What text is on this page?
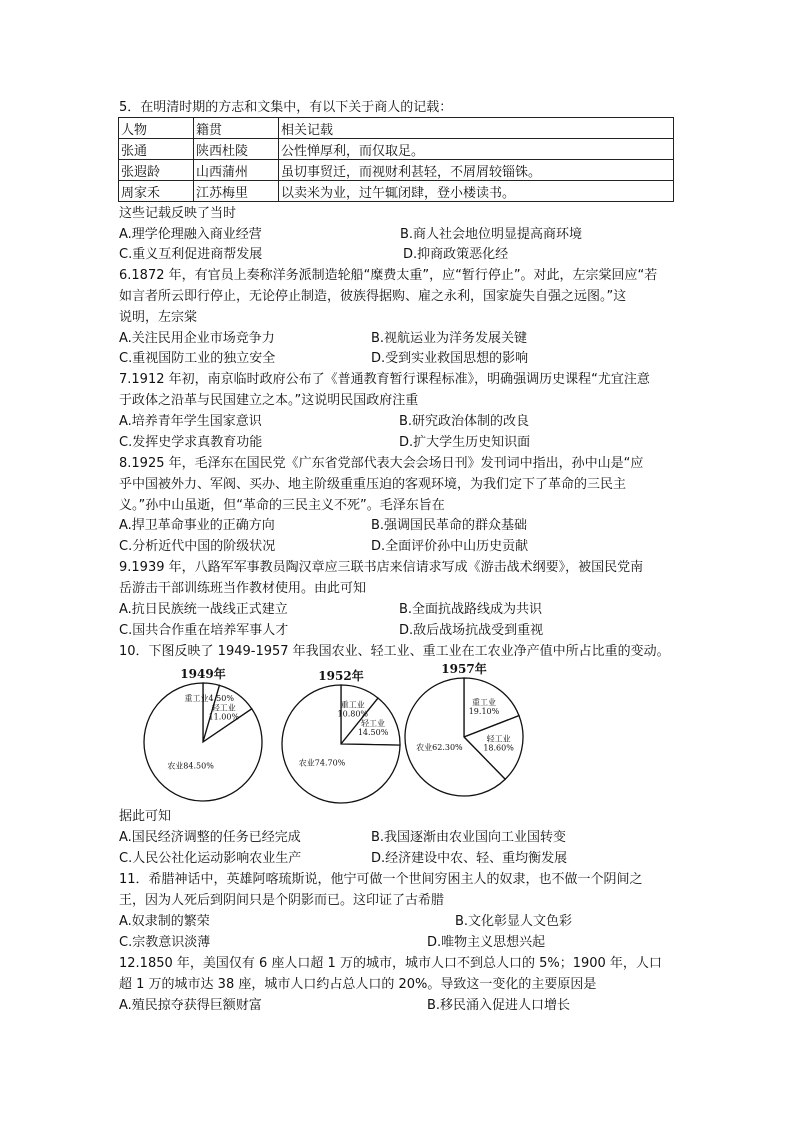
5．在明清时期的方志和文集中，有以下关于商人的记载：
人物	籍贯	相关记载
张通	陕西杜陵	公性惮厚利，而仅取足。
张遐龄	山西蒲州	虽切事贸迁，而视财利甚轻，不屑屑较锱铢。
周家禾	江苏梅里	以卖米为业，过午辄闭肆，登小楼读书。
这些记载反映了当时
A.理学伦理融入商业经营	B.商人社会地位明显提高商环境
C.重义互利促进商帮发展	D.抑商政策恶化经
6.1872 年，有官员上奏称洋务派制造轮船“糜费太重”，应“暂行停止”。对此，左宗棠回应“若
如言者所云即行停止，无论停止制造，彼族得据购、雇之永利，国家旋失自强之远图。”这
说明，左宗棠
A.关注民用企业市场竞争力	B.视航运业为洋务发展关键
C.重视国防工业的独立安全	D.受到实业救国思想的影响
7.1912 年初，南京临时政府公布了《普通教育暂行课程标准》，明确强调历史课程“尤宜注意
于政体之沿革与民国建立之本。”这说明民国政府注重
A.培养青年学生国家意识	B.研究政治体制的改良
C.发挥史学求真教育功能	D.扩大学生历史知识面
8.1925 年，毛泽东在国民党《广东省党部代表大会会场日刊》发刊词中指出，孙中山是“应
乎中国被外力、军阀、买办、地主阶级重重压迫的客观环境，为我们定下了革命的三民主
义。”孙中山虽逝，但“革命的三民主义不死”。毛泽东旨在
A.捍卫革命事业的正确方向	B.强调国民革命的群众基础
C.分析近代中国的阶级状况	D.全面评价孙中山历史贡献
9.1939 年，八路军军事教员陶汉章应三联书店来信请求写成《游击战术纲要》，被国民党南
岳游击干部训练班当作教材使用。由此可知
A.抗日民族统一战线正式建立	B.全面抗战路线成为共识
C.国共合作重在培养军事人才	D.敌后战场抗战受到重视
10．下图反映了 1949-1957 年我国农业、轻工业、重工业在工农业净产值中所占比重的变动。
1949年
重工业4.50%
轻工业 11.00%
农业84.50%
1952年
重工业 10.80%
轻工业 14.50%
农业74.70%
1957年
重工业 19.10%
轻工业 18.60%
农业62.30%
据此可知
A.国民经济调整的任务已经完成	B.我国逐渐由农业国向工业国转变
C.人民公社化运动影响农业生产	D.经济建设中农、轻、重均衡发展
11．希腊神话中，英雄阿喀琉斯说，他宁可做一个世间穷困主人的奴隶，也不做一个阴间之
王，因为人死后到阴间只是个阴影而已。这印证了古希腊
A.奴隶制的繁荣	B.文化彰显人文色彩
C.宗教意识淡薄	D.唯物主义思想兴起
12.1850 年，美国仅有 6 座人口超 1 万的城市，城市人口不到总人口的 5%；1900 年，人口
超 1 万的城市达 38 座，城市人口约占总人口的 20%。导致这一变化的主要原因是
A.殖民掠夺获得巨额财富	B.移民涌入促进人口增长
